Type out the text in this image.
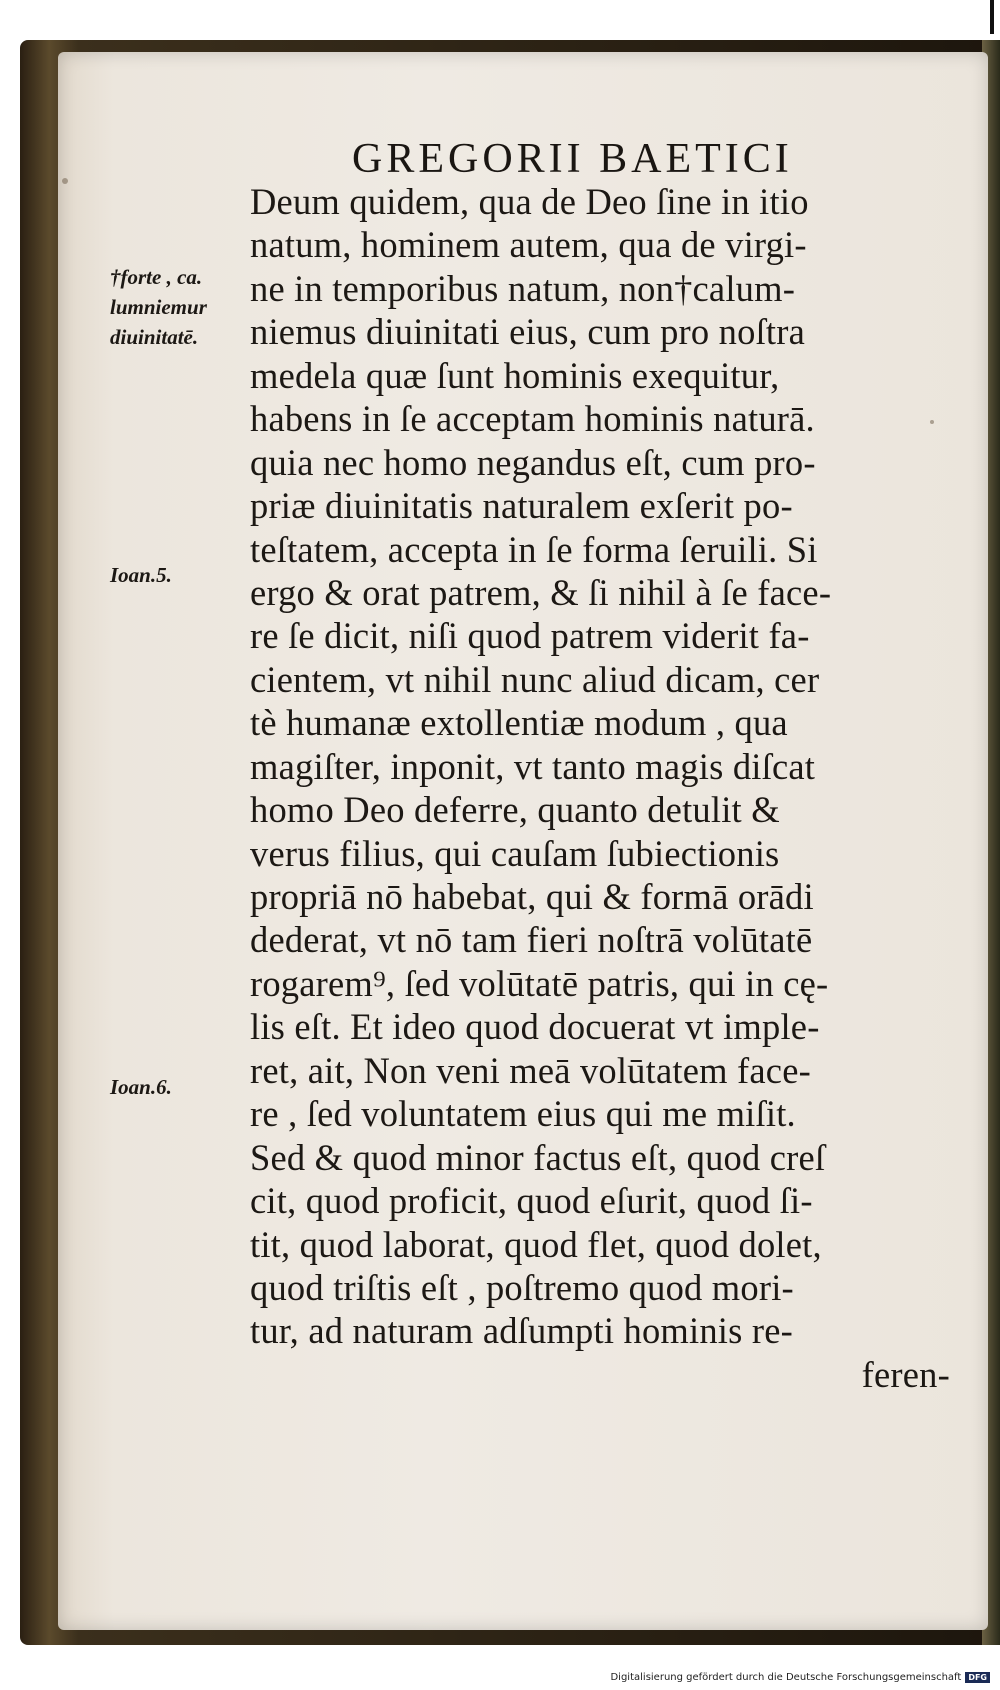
GREGORII BAETICI
†forte , ca.
lumniemur
diuinitatē.
Ioan.5.
Ioan.6.
Deum quidem, qua de Deo ſine in itio
natum, hominem autem, qua de virgi-
ne in temporibus natum, non†calum-
niemus diuinitati eius, cum pro noſtra
medela quæ ſunt hominis exequitur,
habens in ſe acceptam hominis naturā.
quia nec homo negandus eſt, cum pro-
priæ diuinitatis naturalem exſerit po-
teſtatem, accepta in ſe forma ſeruili. Si
ergo & orat patrem, & ſi nihil à ſe face-
re ſe dicit, niſi quod patrem viderit fa-
cientem, vt nihil nunc aliud dicam, cer
tè humanæ extollentiæ modum , qua
magiſter, inponit, vt tanto magis diſcat
homo Deo deferre, quanto detulit &
verus filius, qui cauſam ſubiectionis
propriā nō habebat, qui & formā orādi
dederat, vt nō tam fieri noſtrā volūtatē
rogarem⁹, ſed volūtatē patris, qui in cę-
lis eſt. Et ideo quod docuerat vt imple-
ret, ait, Non veni meā volūtatem face-
re , ſed voluntatem eius qui me miſit.
Sed & quod minor factus eſt, quod creſ
cit, quod proficit, quod eſurit, quod ſi-
tit, quod laborat, quod flet, quod dolet,
quod triſtis eſt , poſtremo quod mori-
tur, ad naturam adſumpti hominis re-
feren-
Digitalisierung gefördert durch die Deutsche Forschungsgemeinschaft DFG
